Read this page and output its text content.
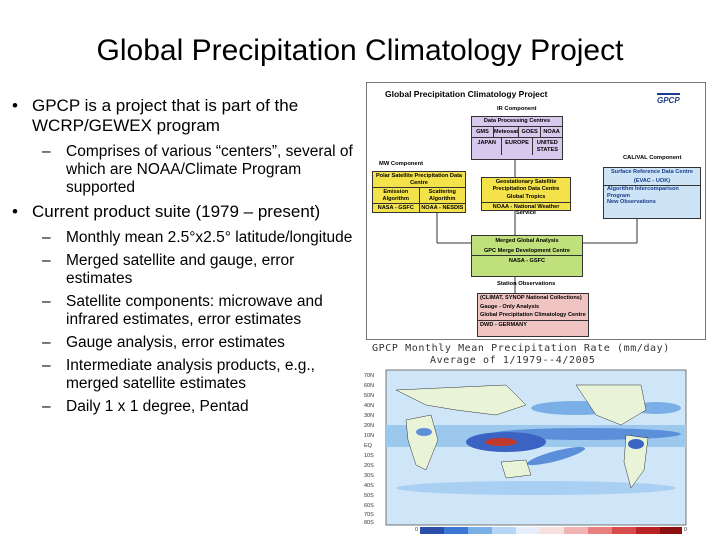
Global Precipitation Climatology Project
• GPCP is a project that is part of the WCRP/GEWEX program
– Comprises of various “centers”, several of which are NOAA/Climate Program supported
• Current product suite (1979 – present)
– Monthly mean 2.5°x2.5° latitude/longitude
– Merged satellite and gauge, error estimates
– Satellite components: microwave and infrared estimates, error estimates
– Gauge analysis, error estimates
– Intermediate analysis products, e.g., merged satellite estimates
– Daily 1 x 1 degree, Pentad
Global Precipitation Climatology Project
GPCP
IR Component
Data Processing Centres
GMS Meteosat GOES NOAA
JAPAN	EUROPE	UNITED STATES
MW Component
Polar Satellite Precipitation Data Centre
Emission Algorithm
Scattering Algorithm
NASA - GSFC	NOAA - NESDIS
Geostationary Satellite Precipitation Data Centre
Global Tropics
NOAA - National Weather Service
CAL/VAL Component
Surface Reference Data Centre
(EVAC - UOK)
Algorithm Intercomparison
Program
New Observations
Merged Global Analysis
GPC Merge Development Centre
NASA - GSFC
Station Observations
(CLIMAT, SYNOP National Collections)
Gauge - Only Analysis
Global Precipitation Climatology Centre
DWD - GERMANY
GPCP Monthly Mean Precipitation Rate (mm/day)
Average of 1/1979--4/2005
70N
60N
50N
40N
30N
20N
10N
EQ
10S
20S
30S
40S
50S
60S
70S
80S
0	0
